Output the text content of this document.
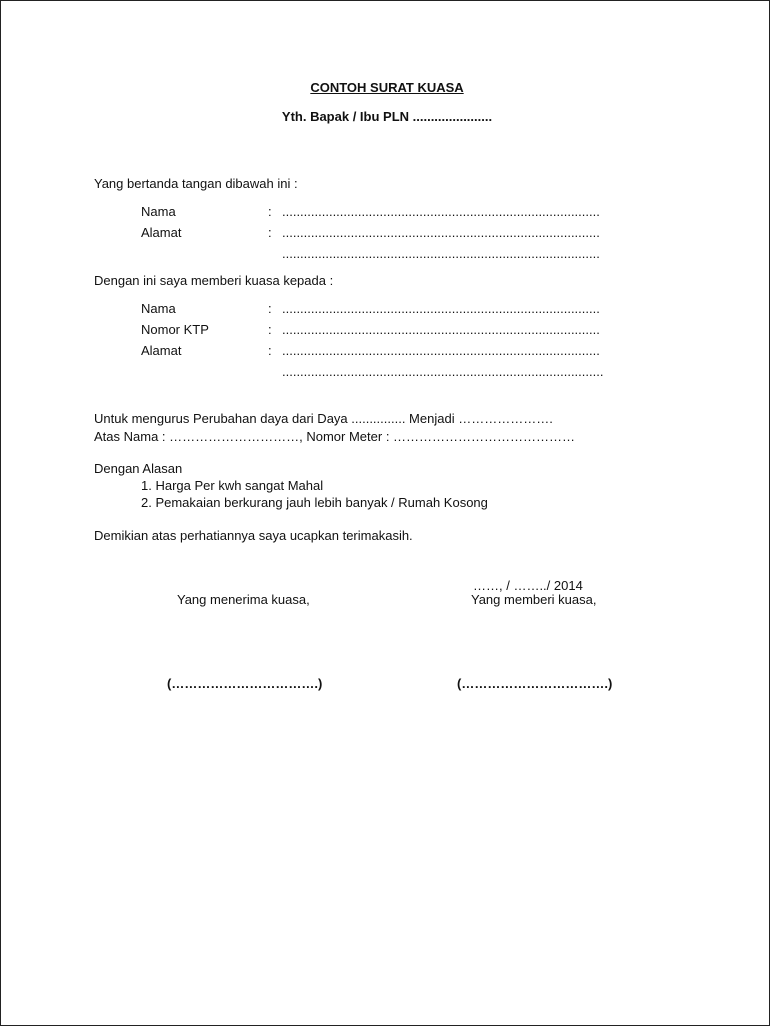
CONTOH SURAT KUASA
Yth. Bapak / Ibu PLN ......................
Yang bertanda tangan dibawah ini :
Nama	: ........................................................................................
Alamat	: ........................................................................................
........................................................................................
Dengan ini saya memberi kuasa kepada :
Nama	: ........................................................................................
Nomor KTP	: ........................................................................................
Alamat	: ........................................................................................
.........................................................................................
Untuk mengurus Perubahan daya dari Daya ............... Menjadi ………………….
Atas Nama : …………………………, Nomor Meter : ……………………………………
Dengan Alasan
1. Harga Per kwh sangat Mahal
2. Pemakaian berkurang jauh lebih banyak / Rumah Kosong
Demikian atas perhatiannya saya ucapkan terimakasih.
……, / ……../ 2014
Yang menerima kuasa,	Yang memberi kuasa,
(…………………………….)	(…………………………….)
